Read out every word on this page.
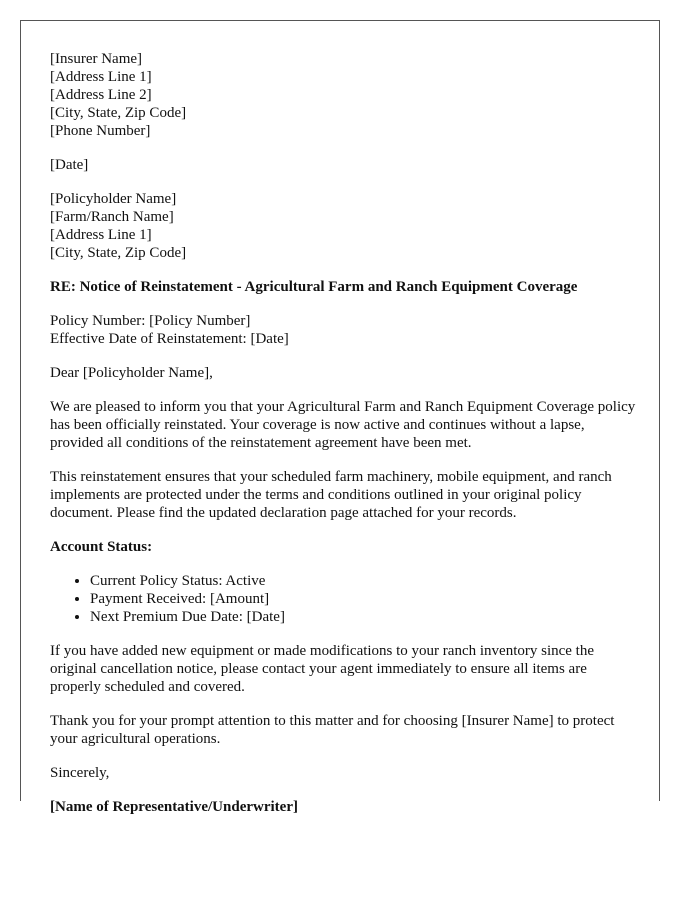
[Insurer Name]
[Address Line 1]
[Address Line 2]
[City, State, Zip Code]
[Phone Number]
[Date]
[Policyholder Name]
[Farm/Ranch Name]
[Address Line 1]
[City, State, Zip Code]

RE: Notice of Reinstatement - Agricultural Farm and Ranch Equipment Coverage

Policy Number: [Policy Number]
Effective Date of Reinstatement: [Date]

Dear [Policyholder Name],

We are pleased to inform you that your Agricultural Farm and Ranch Equipment Coverage policy has been officially reinstated. Your coverage is now active and continues without a lapse, provided all conditions of the reinstatement agreement have been met.

This reinstatement ensures that your scheduled farm machinery, mobile equipment, and ranch implements are protected under the terms and conditions outlined in your original policy document. Please find the updated declaration page attached for your records.

Account Status:

• Current Policy Status: Active
• Payment Received: [Amount]
• Next Premium Due Date: [Date]

If you have added new equipment or made modifications to your ranch inventory since the original cancellation notice, please contact your agent immediately to ensure all items are properly scheduled and covered.

Thank you for your prompt attention to this matter and for choosing [Insurer Name] to protect your agricultural operations.

Sincerely,

[Name of Representative/Underwriter]
